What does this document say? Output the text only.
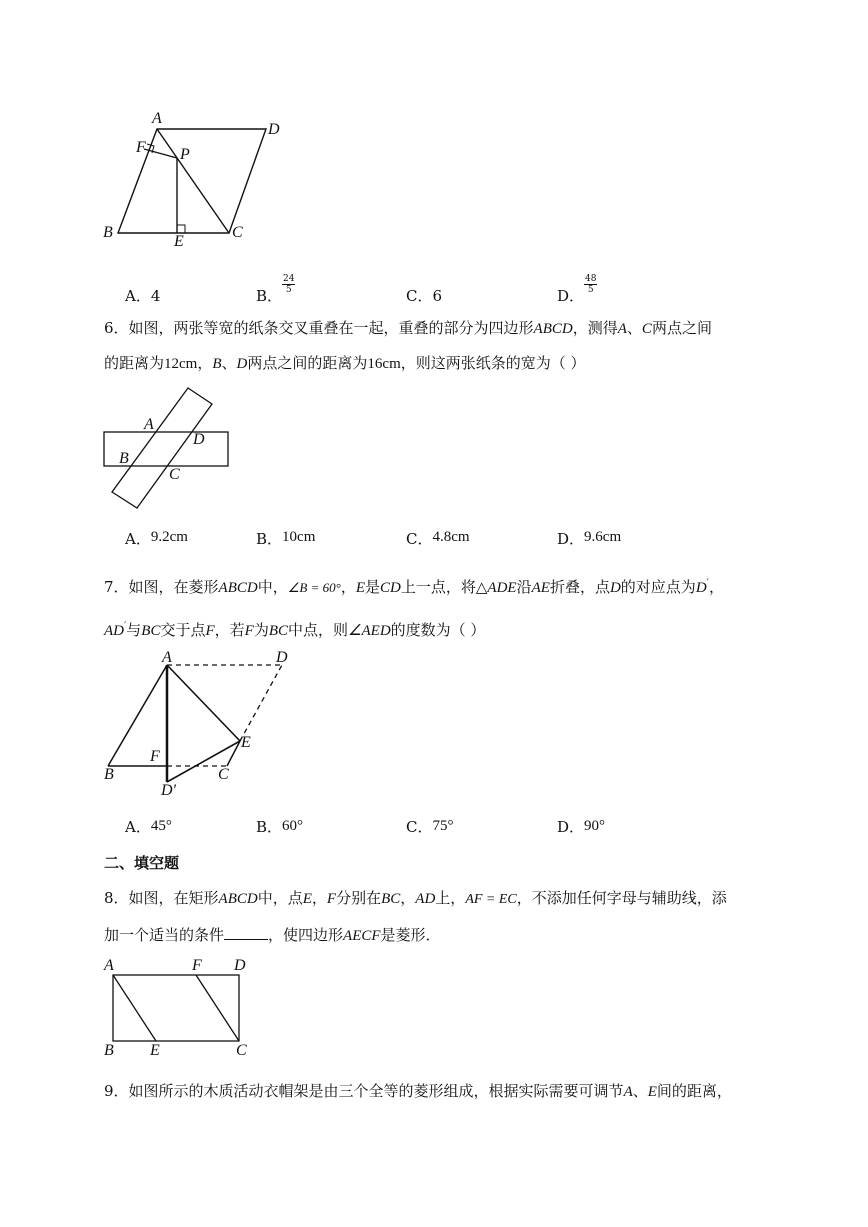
A
D
F P
B
E
C
A．4	B．
$\frac{24}{5}$
C．6	D．
$\frac{48}{5}$
6．如图，两张等宽的纸条交叉重叠在一起，重叠的部分为四边形ABCD，测得A、C两点之间
的距离为12cm，B、D两点之间的距离为16cm，则这两张纸条的宽为（ ）
A
D
B
C
A．9.2cm	B．10cm	C．4.8cm	D．9.6cm
7．如图，在菱形ABCD中，∠B = 60°，E是CD上一点，将△ADE沿AE折叠，点D的对应点为D′，
AD′与BC交于点F，若F为BC中点，则∠AED的度数为（ ）
A	D
E
F
B	C
D′
A．45°	B．60°	C．75°	D．90°
二、填空题
8．如图，在矩形ABCD中，点E，F分别在BC，AD上，AF = EC，不添加任何字母与辅助线，添
加一个适当的条件	，使四边形AECF是菱形．
A	F D
B E	C
9．如图所示的木质活动衣帽架是由三个全等的菱形组成，根据实际需要可调节A、E间的距离，
